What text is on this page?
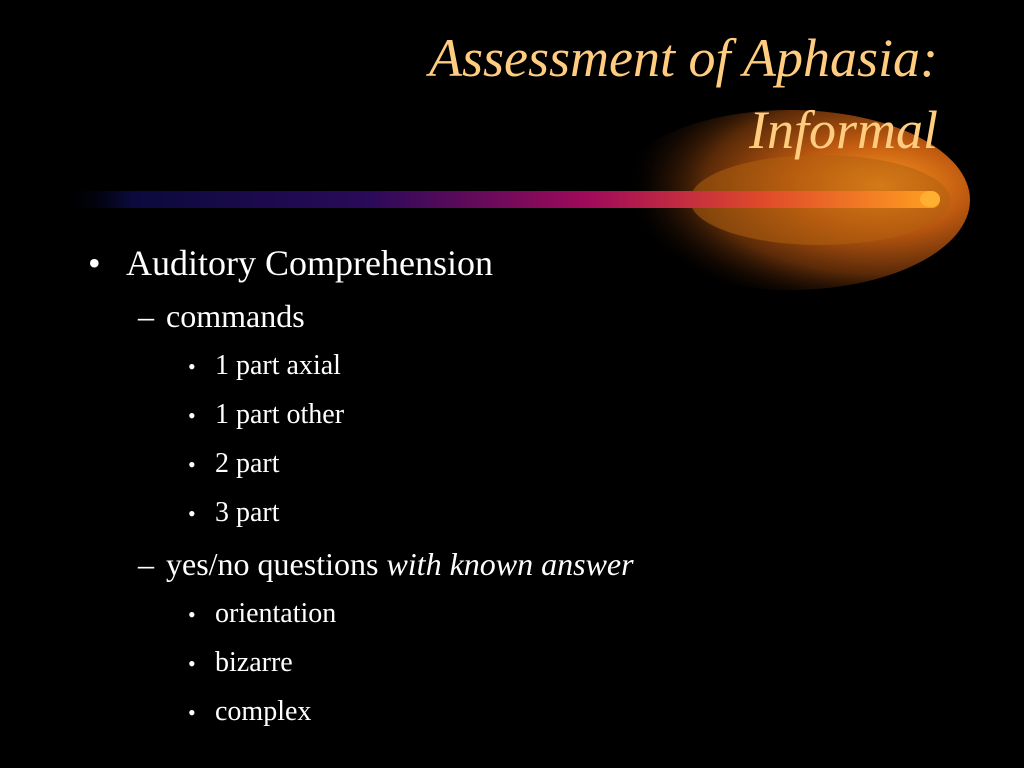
Assessment of Aphasia:
Informal
• Auditory Comprehension
– commands
• 1 part axial
• 1 part other
• 2 part
• 3 part
– yes/no questions with known answer
• orientation
• bizarre
• complex
